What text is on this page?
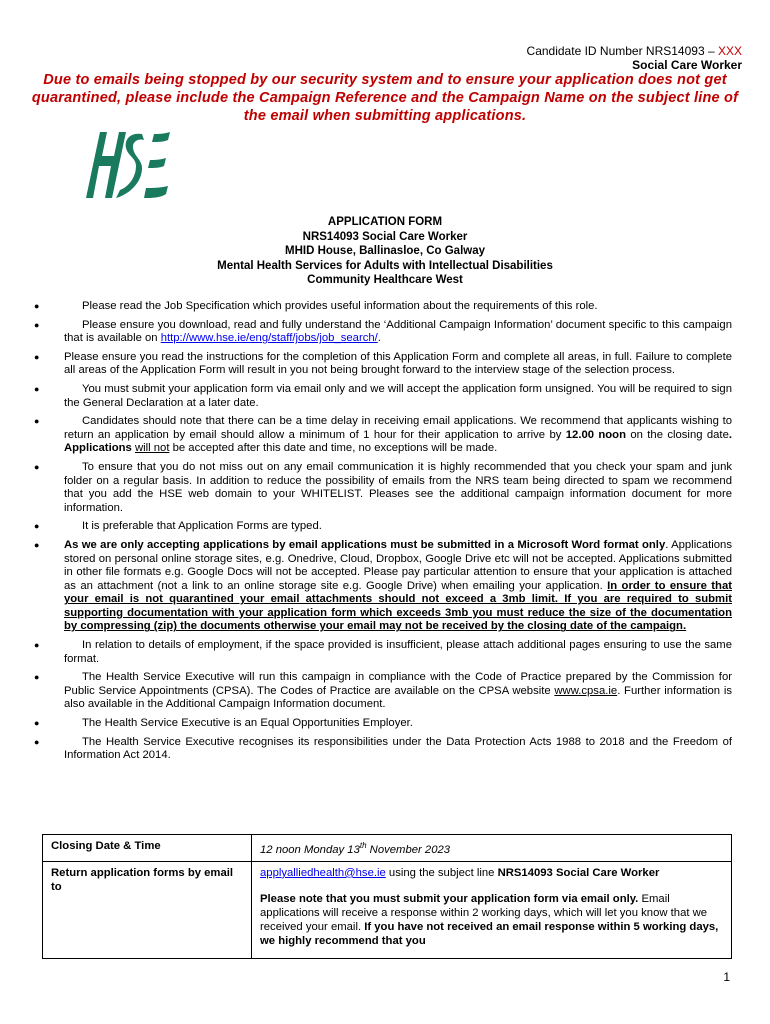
Candidate ID Number NRS14093 – XXX
Social Care Worker
Due to emails being stopped by our security system and to ensure your application does not get quarantined, please include the Campaign Reference and the Campaign Name on the subject line of the email when submitting applications.
APPLICATION FORM
NRS14093 Social Care Worker
MHID House, Ballinasloe, Co Galway
Mental Health Services for Adults with Intellectual Disabilities
Community Healthcare West
●	Please read the Job Specification which provides useful information about the requirements of this role.
●	Please ensure you download, read and fully understand the ‘Additional Campaign Information’ document specific to this campaign that is available on http://www.hse.ie/eng/staff/jobs/job_search/.
●	Please ensure you read the instructions for the completion of this Application Form and complete all areas, in full. Failure to complete all areas of the Application Form will result in you not being brought forward to the interview stage of the selection process.
●	You must submit your application form via email only and we will accept the application form unsigned. You will be required to sign the General Declaration at a later date.
●	Candidates should note that there can be a time delay in receiving email applications. We recommend that applicants wishing to return an application by email should allow a minimum of 1 hour for their application to arrive by 12.00 noon on the closing date. Applications will not be accepted after this date and time, no exceptions will be made.
●	To ensure that you do not miss out on any email communication it is highly recommended that you check your spam and junk folder on a regular basis. In addition to reduce the possibility of emails from the NRS team being directed to spam we recommend that you add the HSE web domain to your WHITELIST. Pleases see the additional campaign information document for more information.
●	It is preferable that Application Forms are typed.
●	As we are only accepting applications by email applications must be submitted in a Microsoft Word format only. Applications stored on personal online storage sites, e.g. Onedrive, Cloud, Dropbox, Google Drive etc will not be accepted. Applications submitted in other file formats e.g. Google Docs will not be accepted. Please pay particular attention to ensure that your application is attached as an attachment (not a link to an online storage site e.g. Google Drive) when emailing your application. In order to ensure that your email is not quarantined your email attachments should not exceed a 3mb limit. If you are required to submit supporting documentation with your application form which exceeds 3mb you must reduce the size of the documentation by compressing (zip) the documents otherwise your email may not be received by the closing date of the campaign.
●	In relation to details of employment, if the space provided is insufficient, please attach additional pages ensuring to use the same format.
●	The Health Service Executive will run this campaign in compliance with the Code of Practice prepared by the Commission for Public Service Appointments (CPSA). The Codes of Practice are available on the CPSA website www.cpsa.ie. Further information is also available in the Additional Campaign Information document.
●	The Health Service Executive is an Equal Opportunities Employer.
●	The Health Service Executive recognises its responsibilities under the Data Protection Acts 1988 to 2018 and the Freedom of Information Act 2014.
Closing Date & Time	12 noon Monday 13th November 2023
Return application forms by email to	applyalliedhealth@hse.ie using the subject line NRS14093 Social Care Worker
Please note that you must submit your application form via email only. Email applications will receive a response within 2 working days, which will let you know that we received your email. If you have not received an email response within 5 working days, we highly recommend that you
1
